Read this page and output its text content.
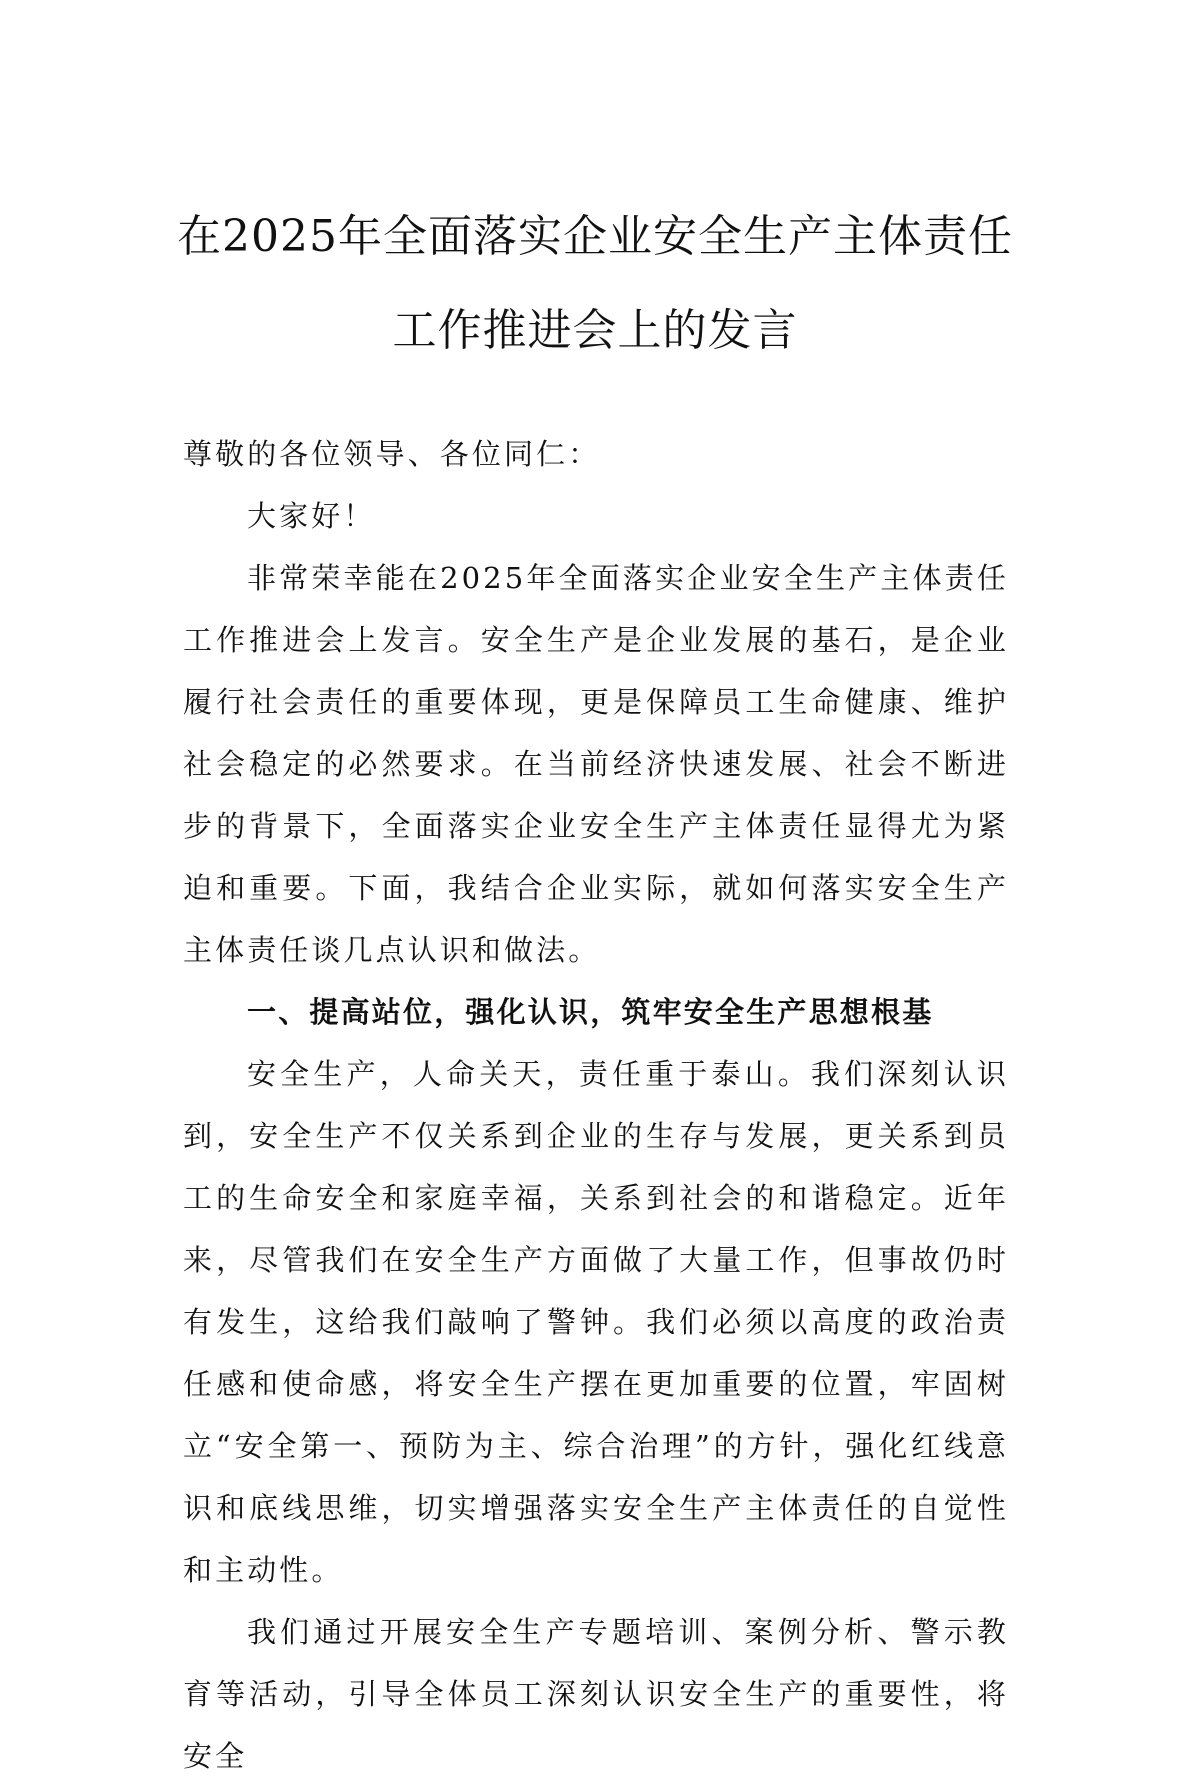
在2025年全面落实企业安全生产主体责任
工作推进会上的发言

尊敬的各位领导、各位同仁：

大家好！

非常荣幸能在2025年全面落实企业安全生产主体责任工作推进会上发言。安全生产是企业发展的基石，是企业履行社会责任的重要体现，更是保障员工生命健康、维护社会稳定的必然要求。在当前经济快速发展、社会不断进步的背景下，全面落实企业安全生产主体责任显得尤为紧迫和重要。下面，我结合企业实际，就如何落实安全生产主体责任谈几点认识和做法。

一、提高站位，强化认识，筑牢安全生产思想根基

安全生产，人命关天，责任重于泰山。我们深刻认识到，安全生产不仅关系到企业的生存与发展，更关系到员工的生命安全和家庭幸福，关系到社会的和谐稳定。近年来，尽管我们在安全生产方面做了大量工作，但事故仍时有发生，这给我们敲响了警钟。我们必须以高度的政治责任感和使命感，将安全生产摆在更加重要的位置，牢固树立“安全第一、预防为主、综合治理”的方针，强化红线意识和底线思维，切实增强落实安全生产主体责任的自觉性和主动性。

我们通过开展安全生产专题培训、案例分析、警示教育等活动，引导全体员工深刻认识安全生产的重要性，将安全
